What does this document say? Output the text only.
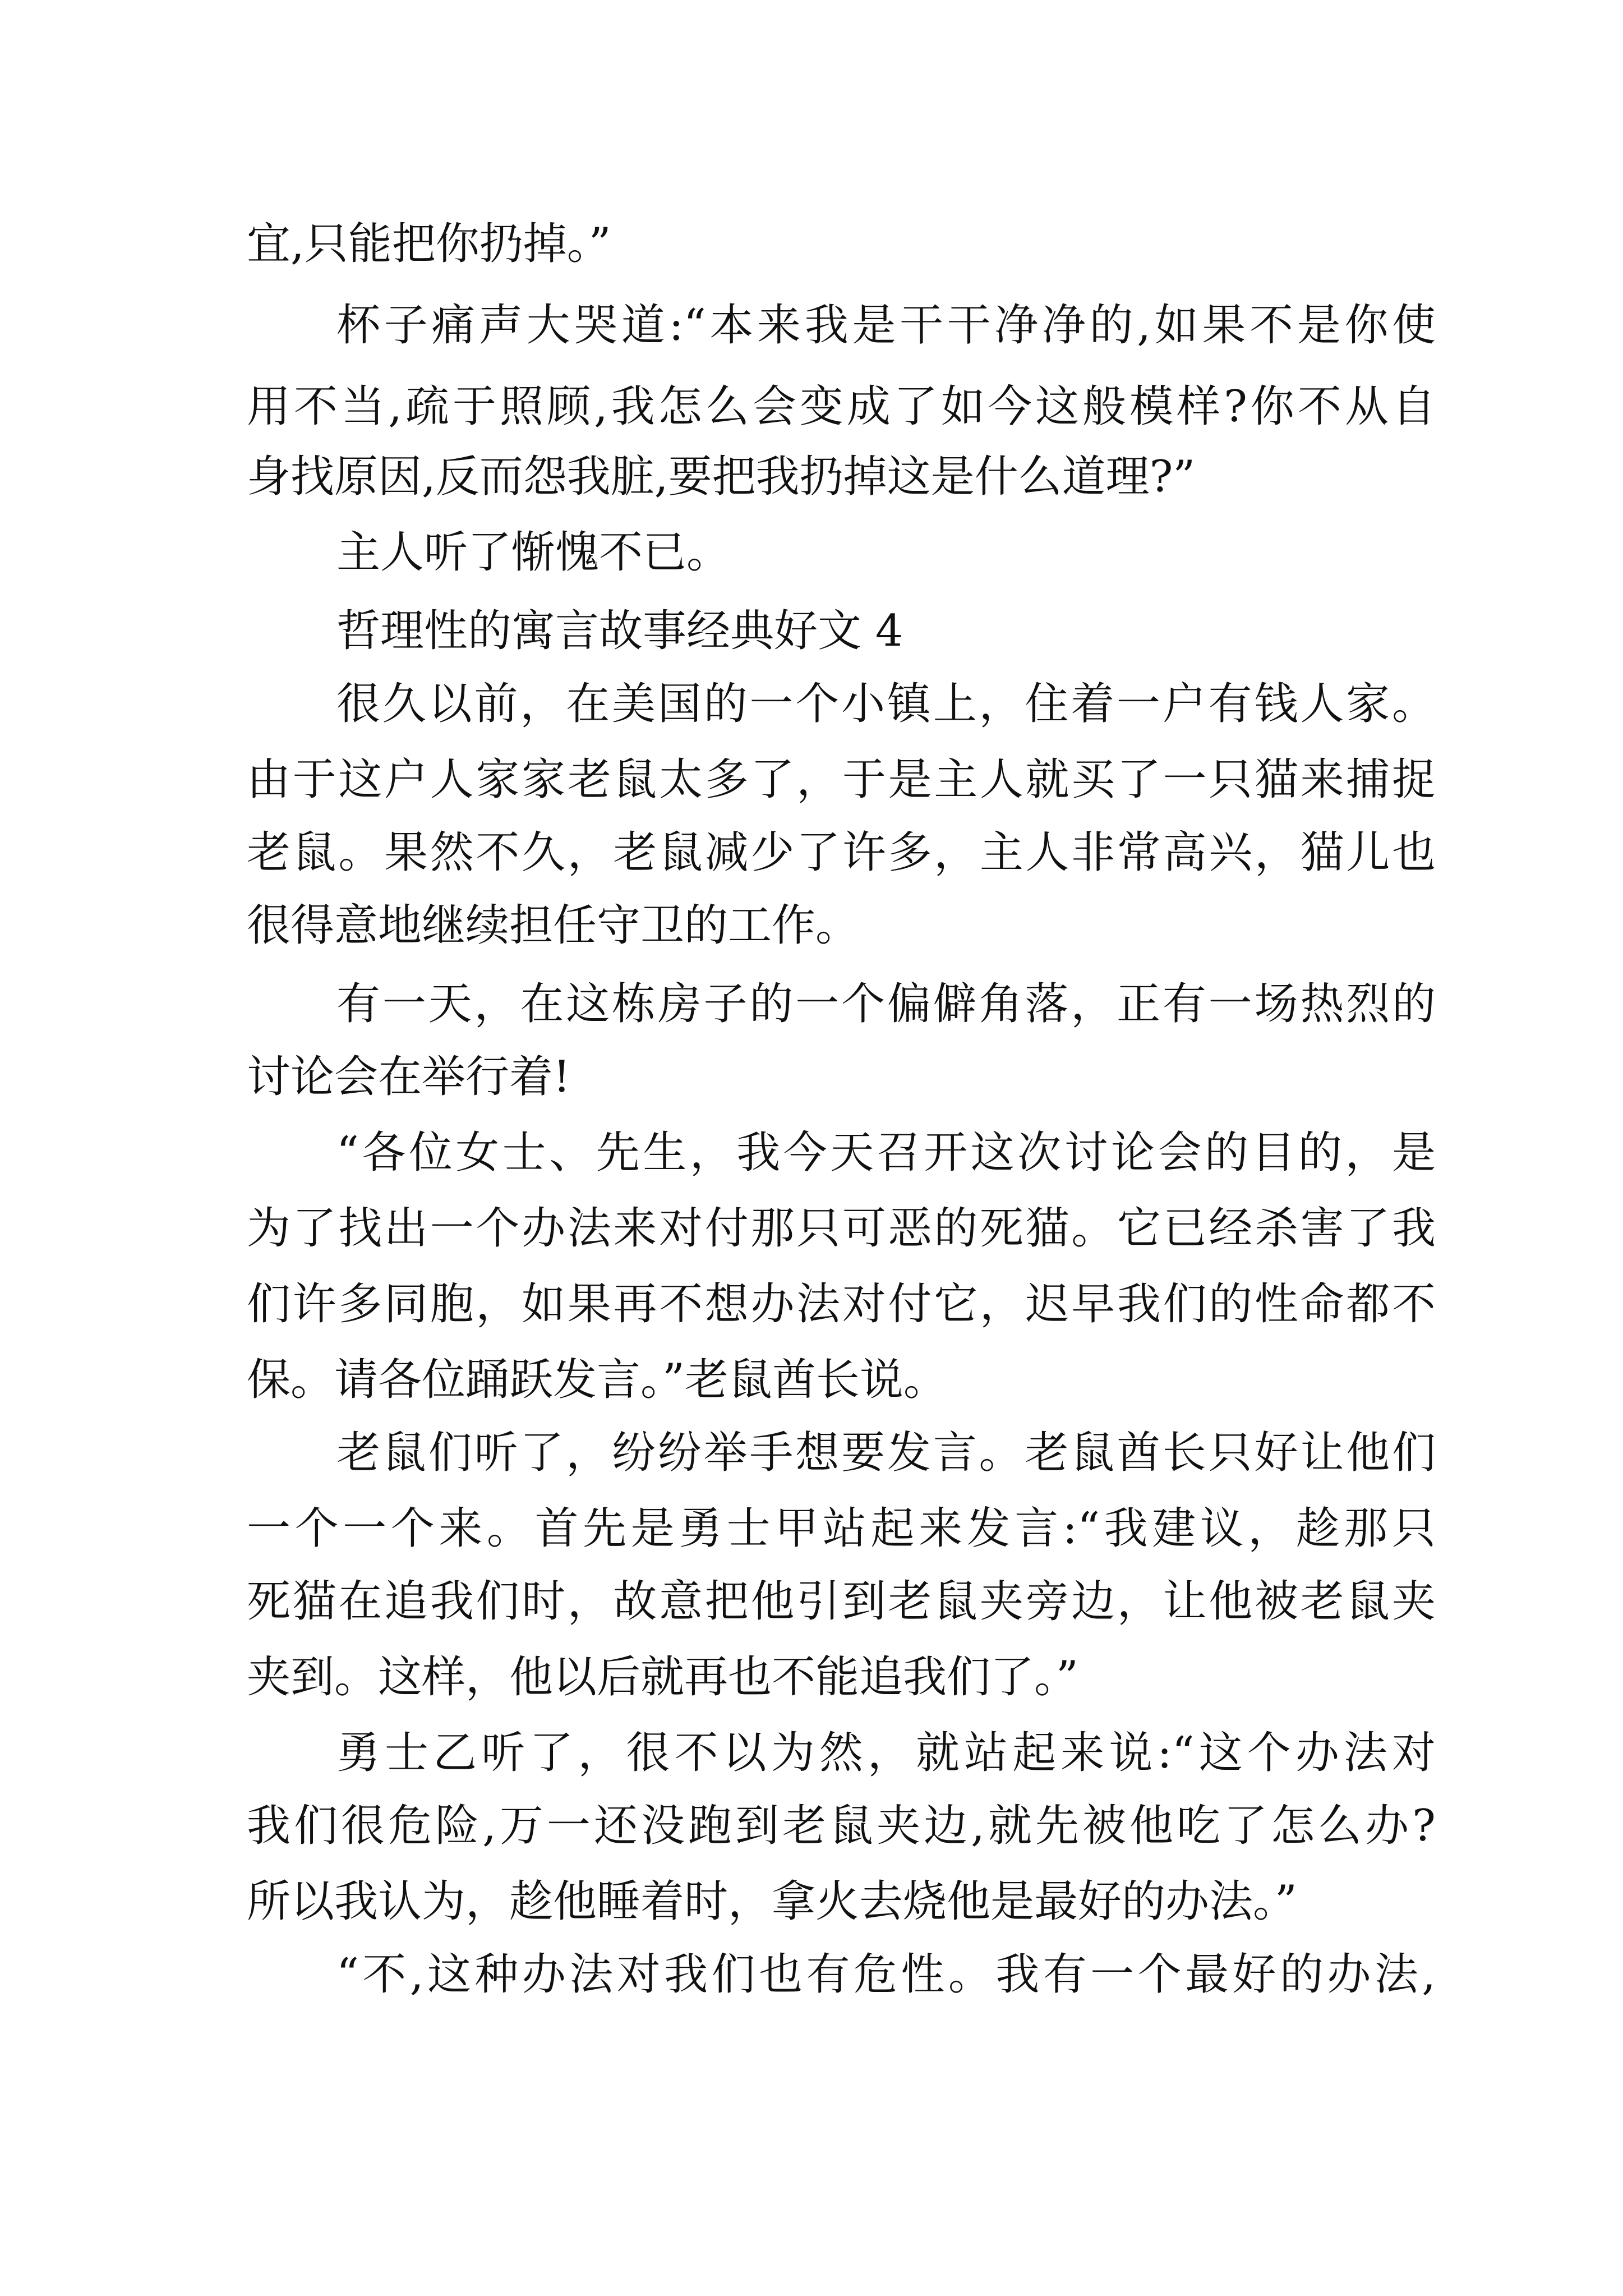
宜,只能把你扔掉。”
杯子痛声大哭道:“本来我是干干净净的,如果不是你使
用不当,疏于照顾,我怎么会变成了如今这般模样?你不从自
身找原因,反而怨我脏,要把我扔掉这是什么道理?”
主人听了惭愧不已。
哲理性的寓言故事经典好文 4
很久以前，在美国的一个小镇上，住着一户有钱人家。
由于这户人家家老鼠太多了，于是主人就买了一只猫来捕捉
老鼠。果然不久，老鼠减少了许多，主人非常高兴，猫儿也
很得意地继续担任守卫的工作。
有一天，在这栋房子的一个偏僻角落，正有一场热烈的
讨论会在举行着!
“各位女士、先生，我今天召开这次讨论会的目的，是
为了找出一个办法来对付那只可恶的死猫。它已经杀害了我
们许多同胞，如果再不想办法对付它，迟早我们的性命都不
保。请各位踊跃发言。”老鼠酋长说。
老鼠们听了，纷纷举手想要发言。老鼠酋长只好让他们
一个一个来。首先是勇士甲站起来发言:“我建议，趁那只
死猫在追我们时，故意把他引到老鼠夹旁边，让他被老鼠夹
夹到。这样，他以后就再也不能追我们了。”
勇士乙听了，很不以为然，就站起来说:“这个办法对
我们很危险,万一还没跑到老鼠夹边,就先被他吃了怎么办?
所以我认为，趁他睡着时，拿火去烧他是最好的办法。”
“不,这种办法对我们也有危性。我有一个最好的办法,
